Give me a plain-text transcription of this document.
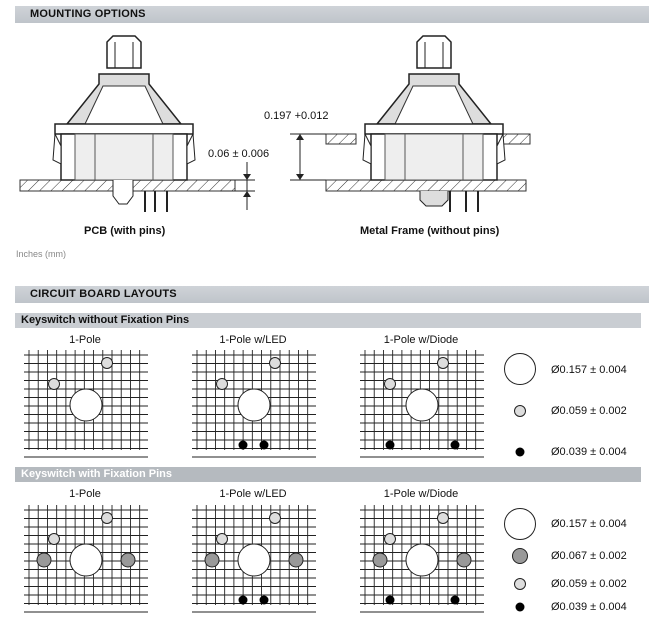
MOUNTING OPTIONS
0.06 ± 0.006
PCB (with pins)
0.197 +0.012
Metal Frame (without pins)
Inches (mm)
CIRCUIT BOARD LAYOUTS
Keyswitch without Fixation Pins
1-Pole	1-Pole w/LED	1-Pole w/Diode
Ø0.157 ± 0.004
Ø0.059 ± 0.002
Ø0.039 ± 0.004
Keyswitch with Fixation Pins
1-Pole	1-Pole w/LED	1-Pole w/Diode
Ø0.157 ± 0.004
Ø0.067 ± 0.002
Ø0.059 ± 0.002
Ø0.039 ± 0.004
